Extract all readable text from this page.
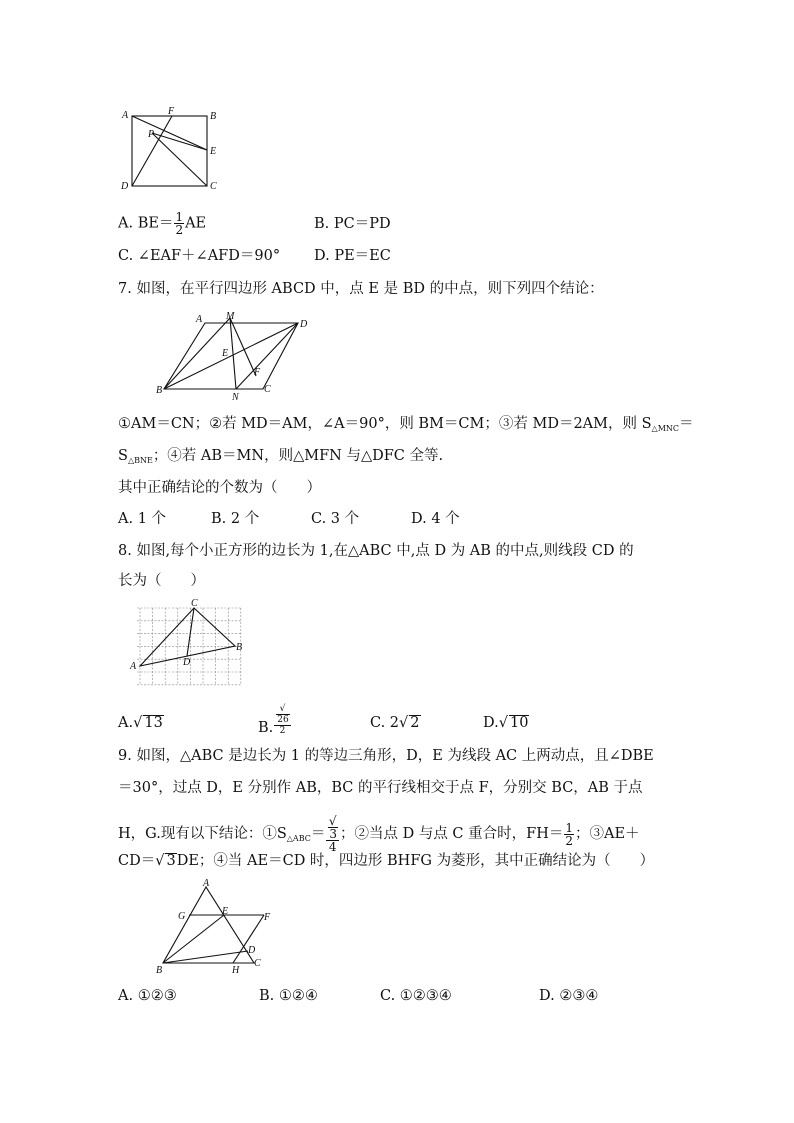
A	F	B
P
E
D	C
A. $BE= \frac{1}{2}$ AE	B. PC＝PD
C. ∠EAF＋∠AFD＝90° D. PE＝EC
7. 如图，在平行四边形 ABCD 中，点 E 是 BD 的中点，则下列四个结论：
A M
D
E
F
B
N
C
①AM＝CN；②若 MD＝AM，∠A＝90°，则 BM＝CM；③若 MD＝2AM，则 $S_{\triangle MNC}=$
$S_{\triangle BNE}$；④若 AB＝MN，则△MFN 与△DFC 全等.
其中正确结论的个数为（　　）
A. 1 个	B. 2 个	C. 3 个	D. 4 个
8. 如图,每个小正方形的边长为 1,在△ABC 中,点 D 为 AB 的中点,则线段 CD 的
长为（　　）
C
B
D
A
A.√ 13	B. √
26
2	C. 2√ 2	D.√ 10
9. 如图，△ABC 是边长为 1 的等边三角形，D，E 为线段 AC 上两动点，且∠DBE
＝30°，过点 D，E 分别作 AB，BC 的平行线相交于点 F，分别交 BC，AB 于点
H，G.现有以下结论：$①S_{\triangle ABC}=$ √
3
4 ；②当点 D 与点 C 重合时，$FH= \frac{1}{2}$ ；③AE＋
CD＝√ 3DE；④当 AE＝CD 时，四边形 BHFG 为菱形，其中正确结论为（　　）
A
G	E
F
D
C
H
B
A. ①②③	B. ①②④	C. ①②③④	D. ②③④
